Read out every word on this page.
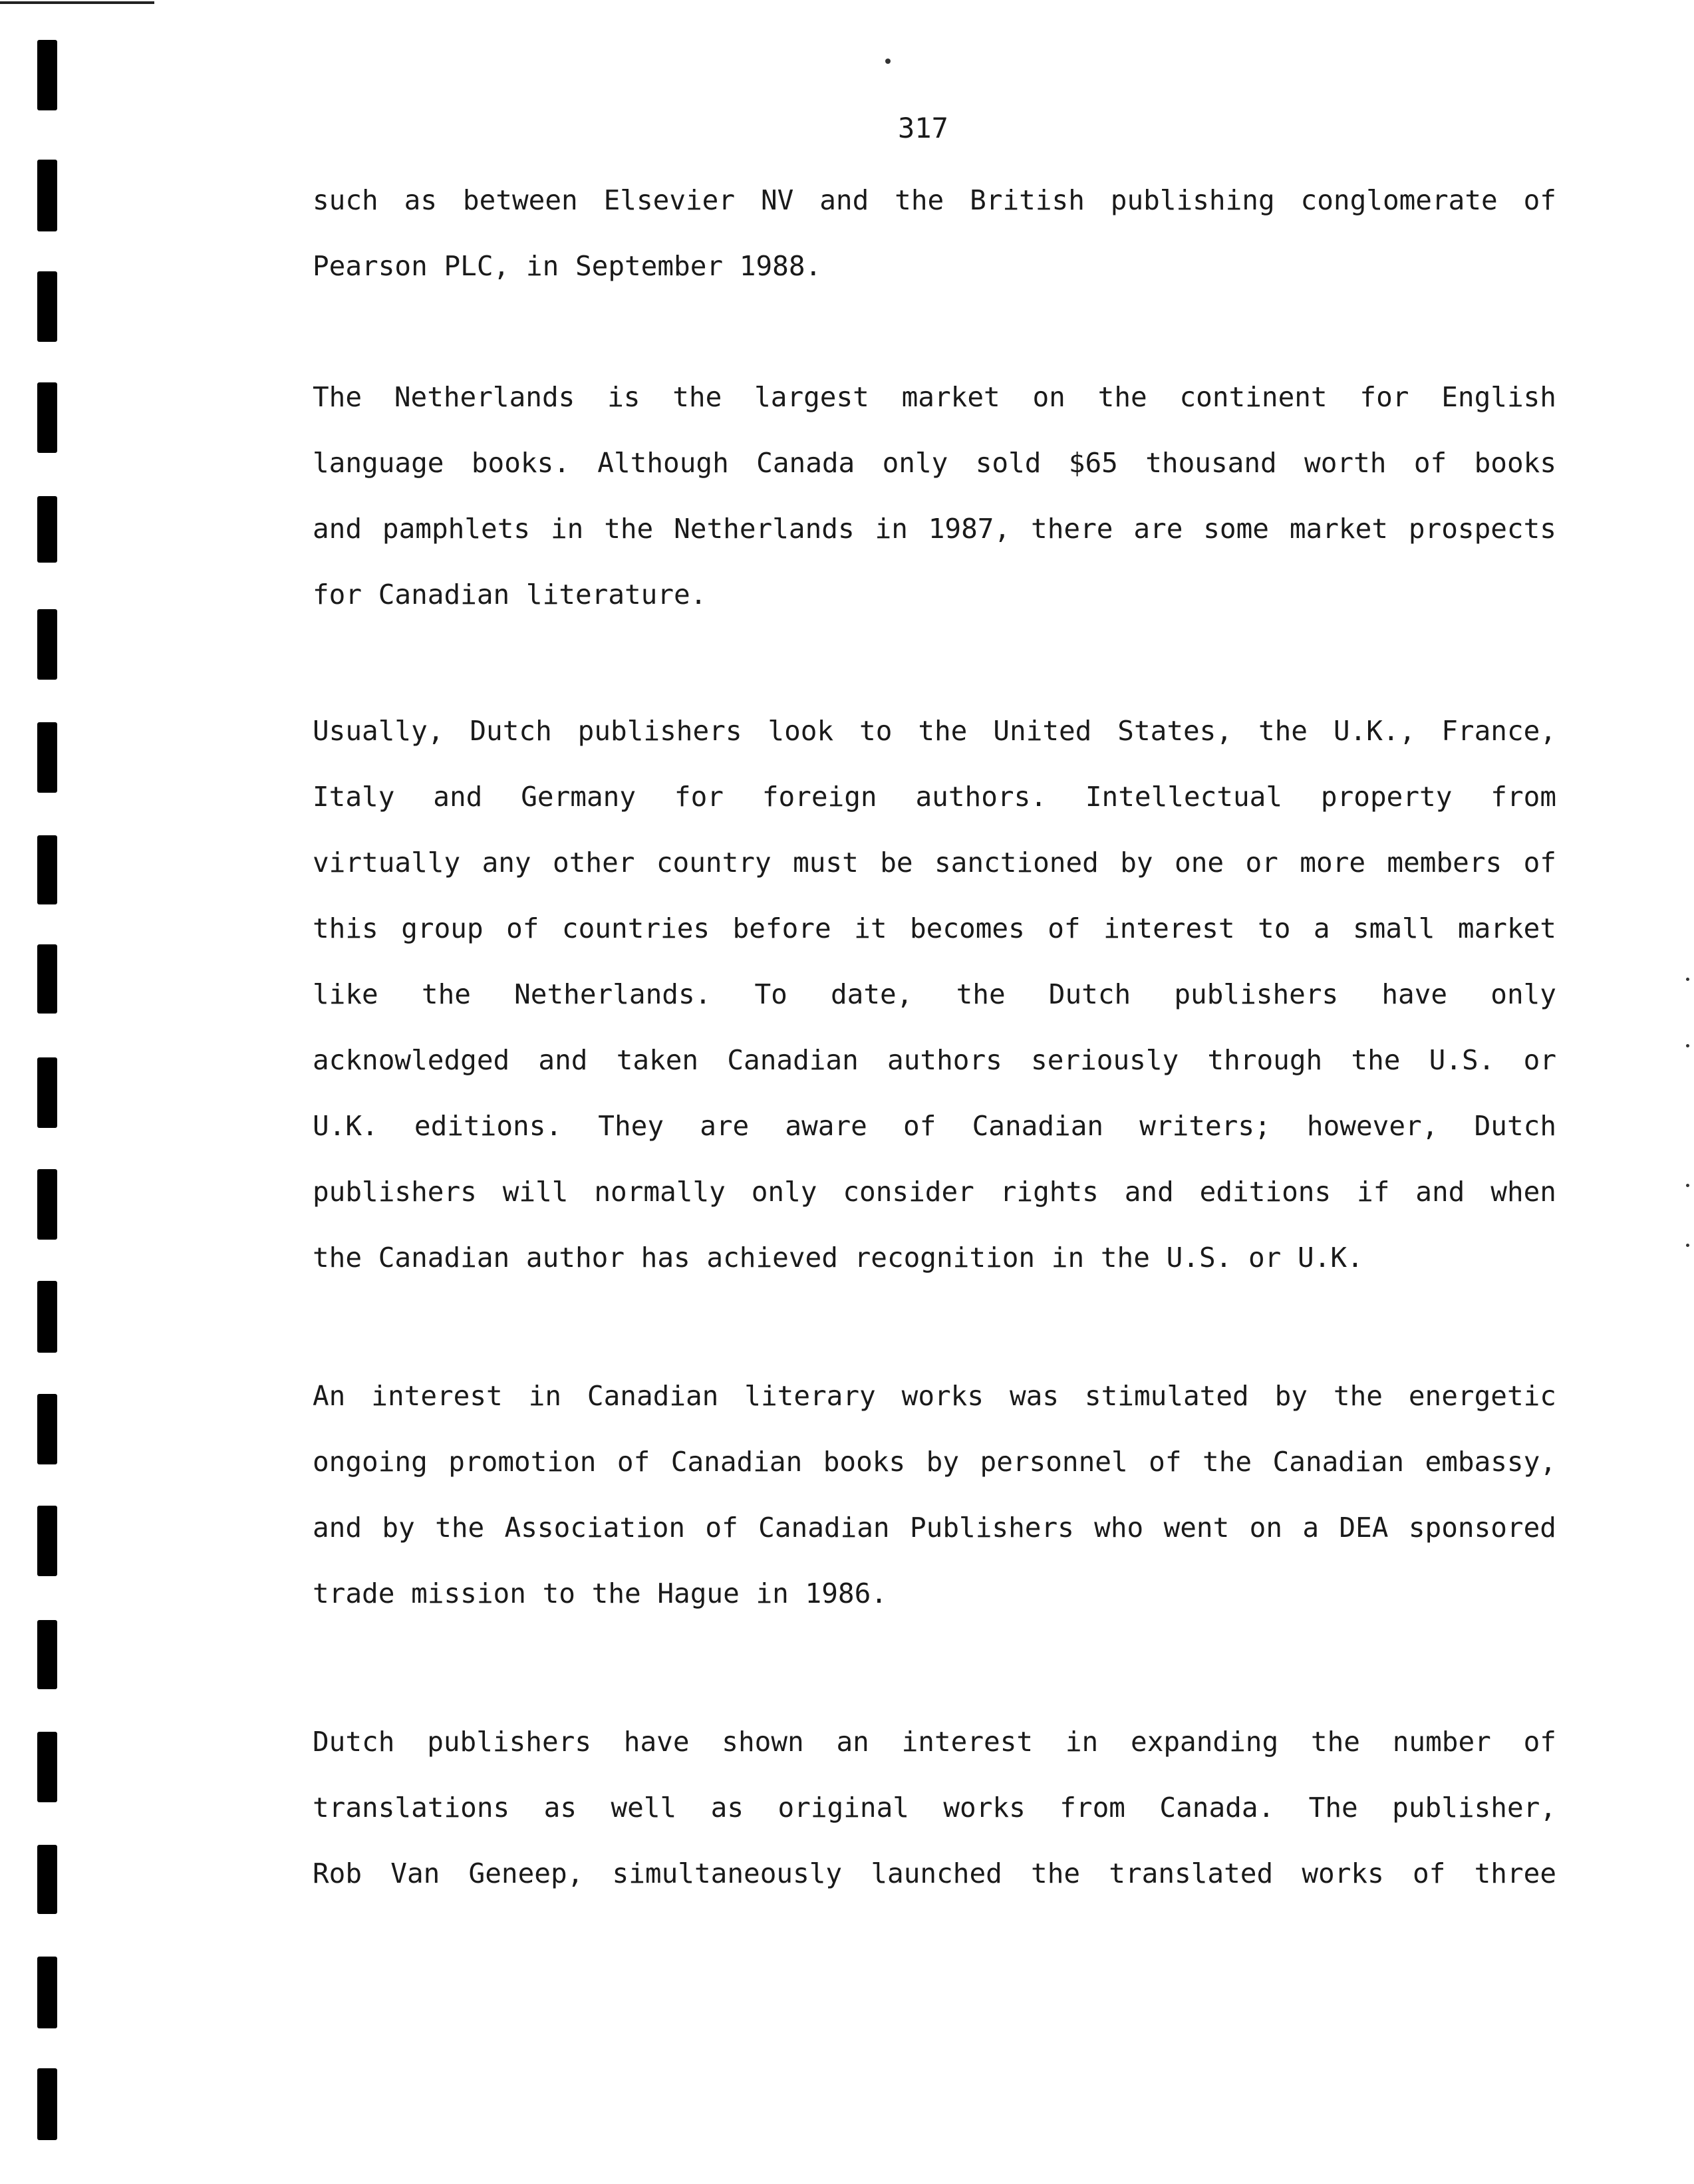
317
such as between Elsevier NV and the British publishing conglomerate of
Pearson PLC, in September 1988.
The Netherlands is the largest market on the continent for English
language books. Although Canada only sold $65 thousand worth of books
and pamphlets in the Netherlands in 1987, there are some market prospects
for Canadian literature.
Usually, Dutch publishers look to the United States, the U.K., France,
Italy and Germany for foreign authors. Intellectual property from
virtually any other country must be sanctioned by one or more members of
this group of countries before it becomes of interest to a small market
like the Netherlands. To date, the Dutch publishers have only
acknowledged and taken Canadian authors seriously through the U.S. or
U.K. editions. They are aware of Canadian writers; however, Dutch
publishers will normally only consider rights and editions if and when
the Canadian author has achieved recognition in the U.S. or U.K.
An interest in Canadian literary works was stimulated by the energetic
ongoing promotion of Canadian books by personnel of the Canadian embassy,
and by the Association of Canadian Publishers who went on a DEA sponsored
trade mission to the Hague in 1986.
Dutch publishers have shown an interest in expanding the number of
translations as well as original works from Canada. The publisher,
Rob Van Geneep, simultaneously launched the translated works of three
